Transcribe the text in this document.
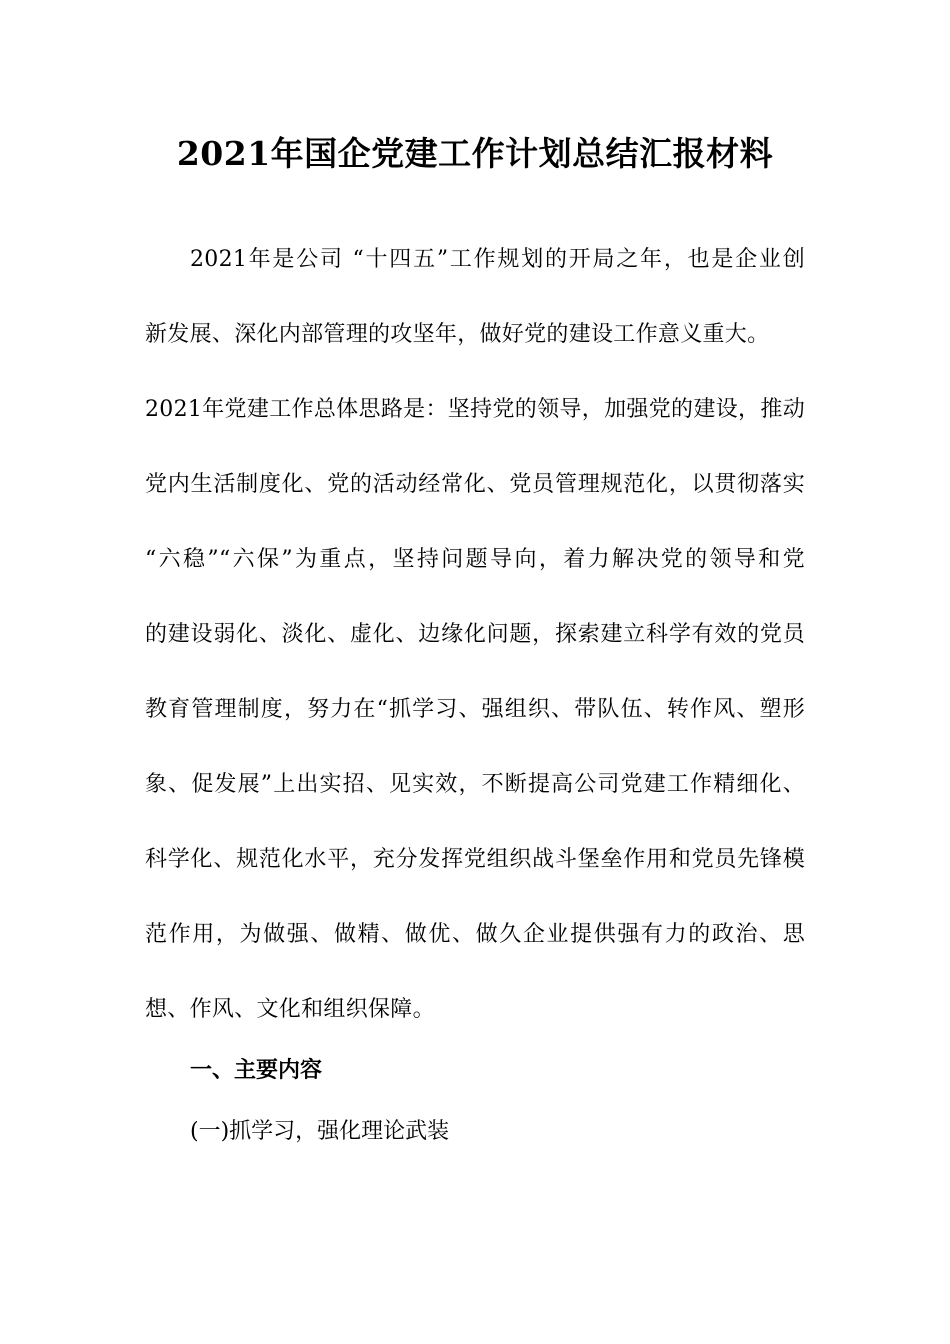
2021年国企党建工作计划总结汇报材料
2021年是公司 “十四五”工作规划的开局之年，也是企业创
新发展、深化内部管理的攻坚年，做好党的建设工作意义重大。
2021年党建工作总体思路是：坚持党的领导，加强党的建设，推动
党内生活制度化、党的活动经常化、党员管理规范化，以贯彻落实
“六稳”“六保”为重点，坚持问题导向，着力解决党的领导和党
的建设弱化、淡化、虚化、边缘化问题，探索建立科学有效的党员
教育管理制度，努力在“抓学习、强组织、带队伍、转作风、塑形
象、促发展”上出实招、见实效，不断提高公司党建工作精细化、
科学化、规范化水平，充分发挥党组织战斗堡垒作用和党员先锋模
范作用，为做强、做精、做优、做久企业提供强有力的政治、思
想、作风、文化和组织保障。
一、主要内容
(一)抓学习，强化理论武装
